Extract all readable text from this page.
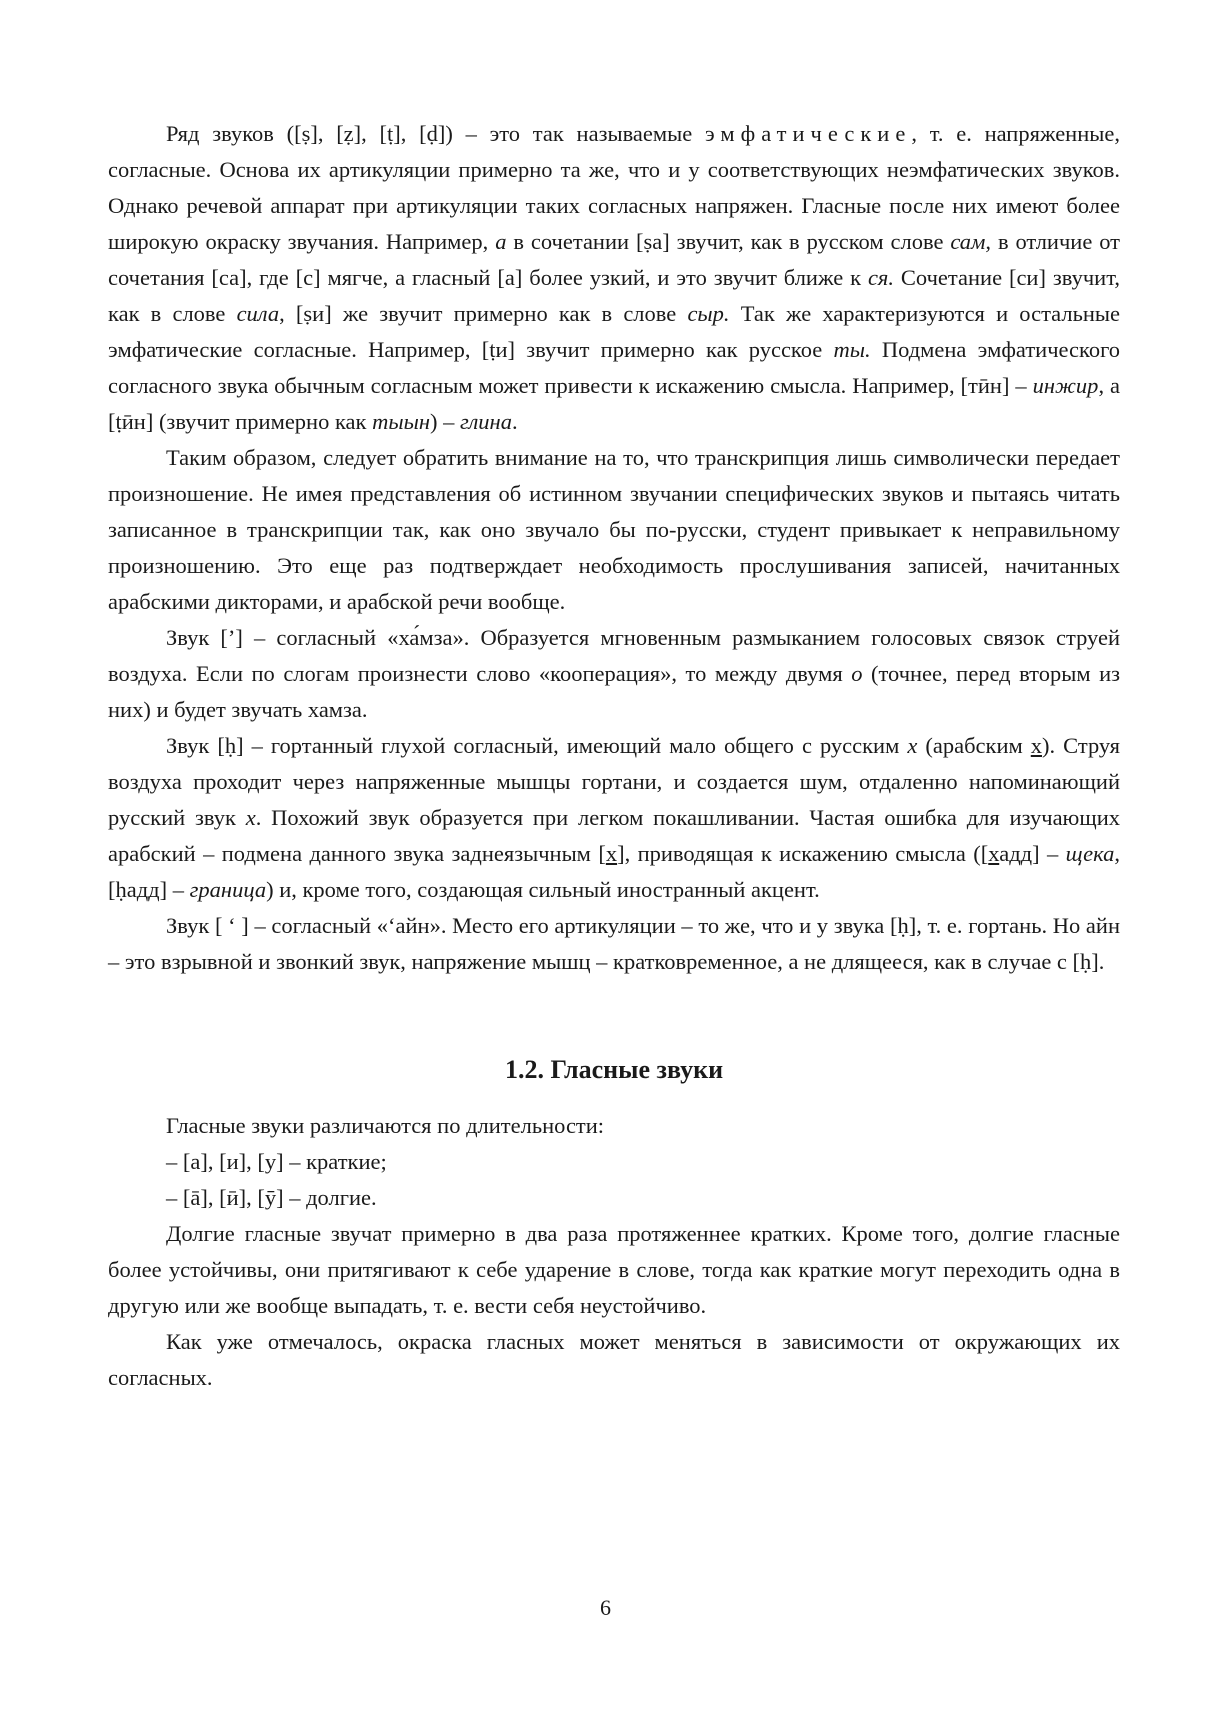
Ряд звуков ([ṣ], [ẓ], [ṭ], [ḍ]) – это так называемые эмфатические, т. е. напряженные, согласные. Основа их артикуляции примерно та же, что и у соответствующих неэмфатических звуков. Однако речевой аппарат при артикуляции таких согласных напряжен. Гласные после них имеют более широкую окраску звучания. Например, а в сочетании [ṣа] звучит, как в русском слове сам, в отличие от сочетания [са], где [с] мягче, а гласный [а] более узкий, и это звучит ближе к ся. Сочетание [си] звучит, как в слове сила, [ṣи] же звучит примерно как в слове сыр. Так же характеризуются и остальные эмфатические согласные. Например, [ṭи] звучит примерно как русское ты. Подмена эмфатического согласного звука обычным согласным может привести к искажению смысла. Например, [тӣн] – инжир, а [ṭӣн] (звучит примерно как тыын) – глина.

Таким образом, следует обратить внимание на то, что транскрипция лишь символически передает произношение. Не имея представления об истинном звучании специфических звуков и пытаясь читать записанное в транскрипции так, как оно звучало бы по-русски, студент привыкает к неправильному произношению. Это еще раз подтверждает необходимость прослушивания записей, начитанных арабскими дикторами, и арабской речи вообще.

Звук [’] – согласный «ха́мза». Образуется мгновенным размыканием голосовых связок струей воздуха. Если по слогам произнести слово «кооперация», то между двумя о (точнее, перед вторым из них) и будет звучать хамза.

Звук [ḥ] – гортанный глухой согласный, имеющий мало общего с русским х (арабским х). Струя воздуха проходит через напряженные мышцы гортани, и создается шум, отдаленно напоминающий русский звук х. Похожий звук образуется при легком покашливании. Частая ошибка для изучающих арабский – подмена данного звука заднеязычным [х], приводящая к искажению смысла ([хадд] – щека, [ḥадд] – граница) и, кроме того, создающая сильный иностранный акцент.

Звук [ ‘ ] – согласный «‘айн». Место его артикуляции – то же, что и у звука [ḥ], т. е. гортань. Но айн – это взрывной и звонкий звук, напряжение мышц – кратковременное, а не длящееся, как в случае с [ḥ].

1.2. Гласные звуки

Гласные звуки различаются по длительности:

– [а], [и], [у] – краткие;

– [ā], [ӣ], [ӯ] – долгие.

Долгие гласные звучат примерно в два раза протяженнее кратких. Кроме того, долгие гласные более устойчивы, они притягивают к себе ударение в слове, тогда как краткие могут переходить одна в другую или же вообще выпадать, т. е. вести себя неустойчиво.

Как уже отмечалось, окраска гласных может меняться в зависимости от окружающих их согласных.

6
